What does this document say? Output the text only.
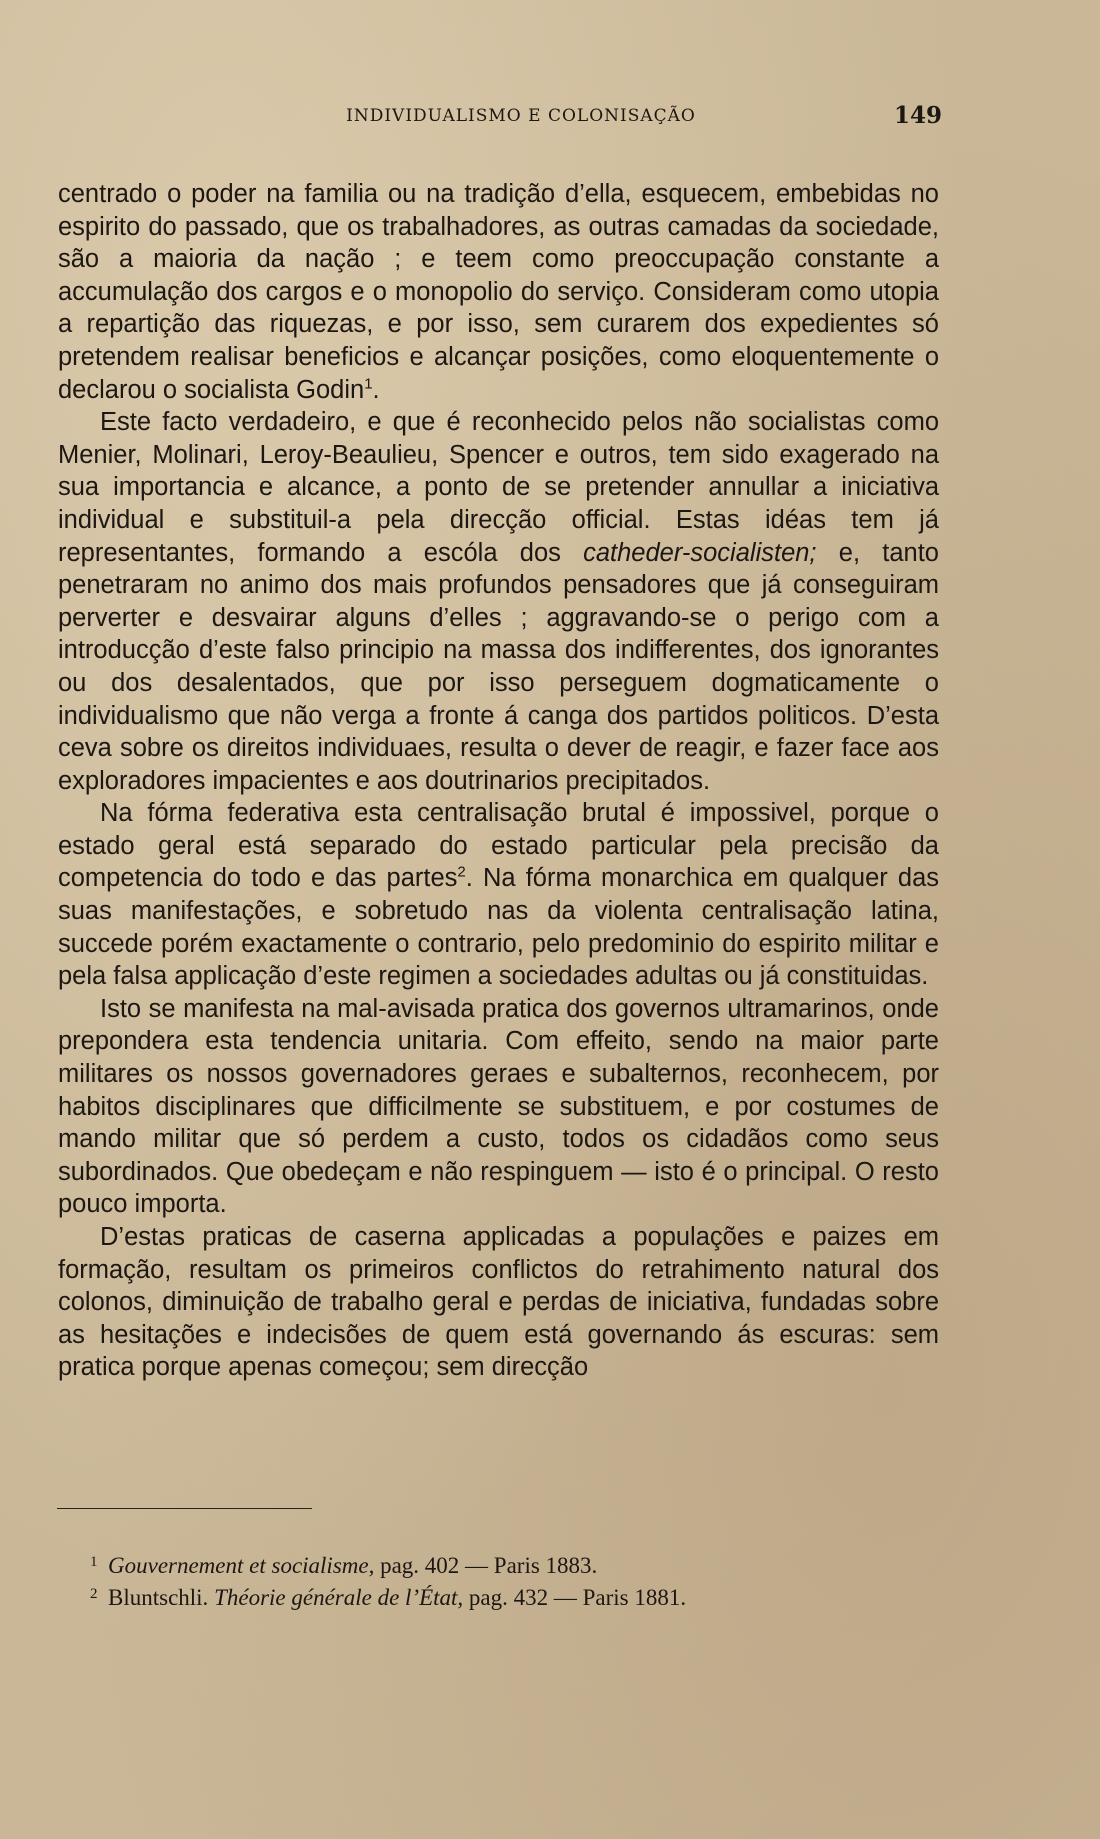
INDIVIDUALISMO E COLONISAÇÃO	149

centrado o poder na familia ou na tradição d’ella, esquecem, embebidas no espirito do passado, que os trabalhadores, as outras camadas da sociedade, são a maioria da nação ; e teem como preoccupação constante a accumulação dos cargos e o monopolio do serviço. Consideram como utopia a repartição das riquezas, e por isso, sem curarem dos expedientes só pretendem realisar beneficios e alcançar posições, como eloquentemente o declarou o socialista Godin$^1$.

Este facto verdadeiro, e que é reconhecido pelos não socialistas como Menier, Molinari, Leroy-Beaulieu, Spencer e outros, tem sido exagerado na sua importancia e alcance, a ponto de se pretender annullar a iniciativa individual e substituil-a pela direcção official. Estas idéas tem já representantes, formando a escóla dos catheder-socialisten; e, tanto penetraram no animo dos mais profundos pensadores que já conseguiram perverter e desvairar alguns d’elles ; aggravando-se o perigo com a introducção d’este falso principio na massa dos indifferentes, dos ignorantes ou dos desalentados, que por isso perseguem dogmaticamente o individualismo que não verga a fronte á canga dos partidos politicos. D’esta ceva sobre os direitos individuaes, resulta o dever de reagir, e fazer face aos exploradores impacientes e aos doutrinarios precipitados.

Na fórma federativa esta centralisação brutal é impossivel, porque o estado geral está separado do estado particular pela precisão da competencia do todo e das partes$^2$. Na fórma monarchica em qualquer das suas manifestações, e sobretudo nas da violenta centralisação latina, succede porém exactamente o contrario, pelo predominio do espirito militar e pela falsa applicação d’este regimen a sociedades adultas ou já constituidas.

Isto se manifesta na mal-avisada pratica dos governos ultramarinos, onde prepondera esta tendencia unitaria. Com effeito, sendo na maior parte militares os nossos governadores geraes e subalternos, reconhecem, por habitos disciplinares que difficilmente se substituem, e por costumes de mando militar que só perdem a custo, todos os cidadãos como seus subordinados. Que obedeçam e não respinguem — isto é o principal. O resto pouco importa.

D’estas praticas de caserna applicadas a populações e paizes em formação, resultam os primeiros conflictos do retrahimento natural dos colonos, diminuição de trabalho geral e perdas de iniciativa, fundadas sobre as hesitações e indecisões de quem está governando ás escuras: sem pratica porque apenas começou; sem direcção

1 Gouvernement et socialisme, pag. 402 — Paris 1883.
2 Bluntschli. Théorie générale de l’État, pag. 432 — Paris 1881.
